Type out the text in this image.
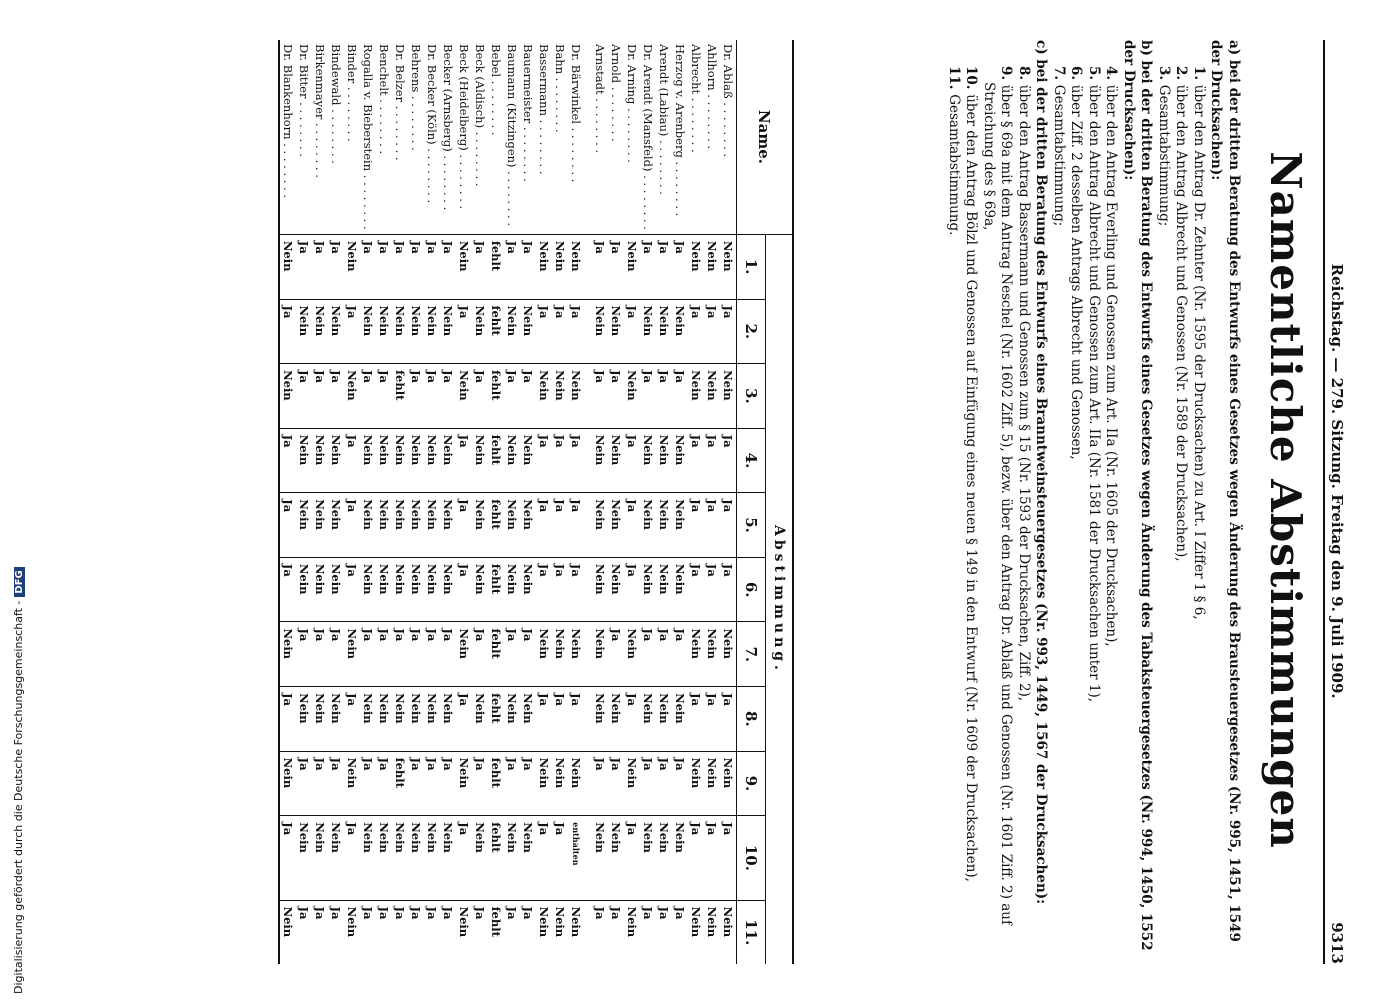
Digitalisierung gefördert durch die Deutsche Forschungsgemeinschaft -DFG	Reichstag. — 279. Sitzung. Freitag den 9. Juli 1909.
9313
Namentliche Abstimmungen

a) bei der dritten Beratung des Entwurfs eines Gesetzes wegen Änderung des Brausteuergesetzes (Nr. 995, 1451, 1549 der Drucksachen):

1. über den Antrag Dr. Zehnter (Nr. 1595 der Drucksachen) zu Art. I Ziffer 1 § 6,

2. über den Antrag Albrecht und Genossen (Nr. 1589 der Drucksachen),

3. Gesamtabstimmung;

b) bei der dritten Beratung des Entwurfs eines Gesetzes wegen Änderung des Tabaksteuergesetzes (Nr. 994, 1450, 1552 der Drucksachen):

4. über den Antrag Everling und Genossen zum Art. IIa (Nr. 1605 der Drucksachen),

5. über den Antrag Albrecht und Genossen zum Art. IIa (Nr. 1581 der Drucksachen unter 1),

6. über Ziff. 2 desselben Antrags Albrecht und Genossen,

7. Gesamtabstimmung;

c) bei der dritten Beratung des Entwurfs eines Branntweinsteuergesetzes (Nr. 993, 1449, 1567 der Drucksachen):

8. über den Antrag Bassermann und Genossen zum § 15 (Nr. 1593 der Drucksachen, Ziff. 2),

9. über § 69a mit dem Antrag Neschel (Nr. 1602 Ziff. 5), bezw. über den Antrag Dr. Ablaß und Genossen (Nr. 1601 Ziff. 2) auf Streichung des § 69a,

10. über den Antrag Bölzl und Genossen auf Einfügung eines neuen § 149 in den Entwurf (Nr. 1609 der Drucksachen),

11. Gesamtabstimmung.

Name.	Abstimmung.										
	1.	2.	3.	4.	5.	6.	7.	8.	9.	10.	11.
Dr. Ablaß . . . . . . . .	Nein	Ja	Nein	Ja	Ja	Ja	Nein	Ja	Nein	Ja	Nein
Ahlhorn . . . . . . . .	Nein	Ja	Nein	Ja	Ja	Ja	Nein	Ja	Nein	Ja	Nein
Albrecht . . . . . . . .	Nein	Ja	Nein	Ja	Ja	Ja	Nein	Ja	Nein	Ja	Nein
Herzog v. Arenberg . . . . . . . .	Ja	Nein	Ja	Nein	Nein	Nein	Ja	Nein	Ja	Nein	Ja
Arendt (Labiau) . . . . . . . .	Ja	Nein	Ja	Nein	Nein	Nein	Ja	Nein	Ja	Nein	Ja
Dr. Arendt (Mansfeld) . . . . . . . .	Ja	Nein	Ja	Nein	Nein	Nein	Ja	Nein	Ja	Nein	Ja
Dr. Arning . . . . . . . .	Nein	Ja	Nein	Ja	Ja	Ja	Nein	Ja	Nein	Ja	Nein
Arnold . . . . . . . .	Ja	Nein	Ja	Nein	Nein	Nein	Ja	Nein	Ja	Nein	Ja
Arnstadt . . . . . . . .	Ja	Nein	Ja	Nein	Nein	Nein	Nein	Nein	Ja	Nein	Ja

Dr. Bärwinkel . . . . . . . .	Nein	Ja	Nein	Ja	Ja	Ja	Nein	Ja	Nein	enthalten	Nein
Bahn . . . . . . . .	Nein	Ja	Nein	Ja	Ja	Ja	Nein	Ja	Nein	Ja	Nein
Bassermann . . . . . . . .	Nein	Ja	Nein	Ja	Ja	Ja	Nein	Ja	Nein	Ja	Nein
Bauermeister . . . . . . . .	Ja	Nein	Ja	Nein	Nein	Nein	Ja	Nein	Ja	Nein	Ja
Baumann (Kitzingen) . . . . . . . .	Ja	Nein	Ja	Nein	Nein	Nein	Ja	Nein	Ja	Nein	Ja
Bebel . . . . . . . .	fehlt	fehlt	fehlt	fehlt	fehlt	fehlt	fehlt	fehlt	fehlt	fehlt	fehlt
Beck (Aldisch) . . . . . . . .	Ja	Nein	Ja	Nein	Nein	Nein	Ja	Nein	Ja	Nein	Ja
Beck (Heidelberg) . . . . . . . .	Nein	Ja	Nein	Ja	Ja	Ja	Nein	Ja	Nein	Ja	Nein
Becker (Arnsberg) . . . . . . . .	Ja	Nein	Ja	Nein	Nein	Nein	Ja	Nein	Ja	Nein	Ja
Dr. Becker (Köln) . . . . . . . .	Ja	Nein	Ja	Nein	Nein	Nein	Ja	Nein	Ja	Nein	Ja
Behrens . . . . . . . .	Ja	Nein	Ja	Nein	Nein	Nein	Ja	Nein	Ja	Nein	Ja
Dr. Belzer . . . . . . . .	Ja	Nein	fehlt	Nein	Nein	Nein	Ja	Nein	fehlt	Nein	Ja
Benchelt . . . . . . . .	Ja	Nein	Ja	Nein	Nein	Nein	Ja	Nein	Ja	Nein	Ja
Rogalla v. Bieberstein . . . . . . . .	Ja	Nein	Ja	Nein	Nein	Nein	Ja	Nein	Ja	Nein	Ja
Binder . . . . . . . .	Nein	Ja	Nein	Ja	Ja	Ja	Nein	Ja	Nein	Ja	Nein
Bindewald . . . . . . . .	Ja	Nein	Ja	Nein	Nein	Nein	Ja	Nein	Ja	Nein	Ja
Birkenmayer . . . . . . . .	Ja	Nein	Ja	Nein	Nein	Nein	Ja	Nein	Ja	Nein	Ja
Dr. Bitter . . . . . . . .	Ja	Nein	Ja	Nein	Nein	Nein	Ja	Nein	Ja	Nein	Ja
Dr. Blankenhorn . . . . . . . .	Nein	Ja	Nein	Ja	Ja	Ja	Nein	Ja	Nein	Ja	Nein
